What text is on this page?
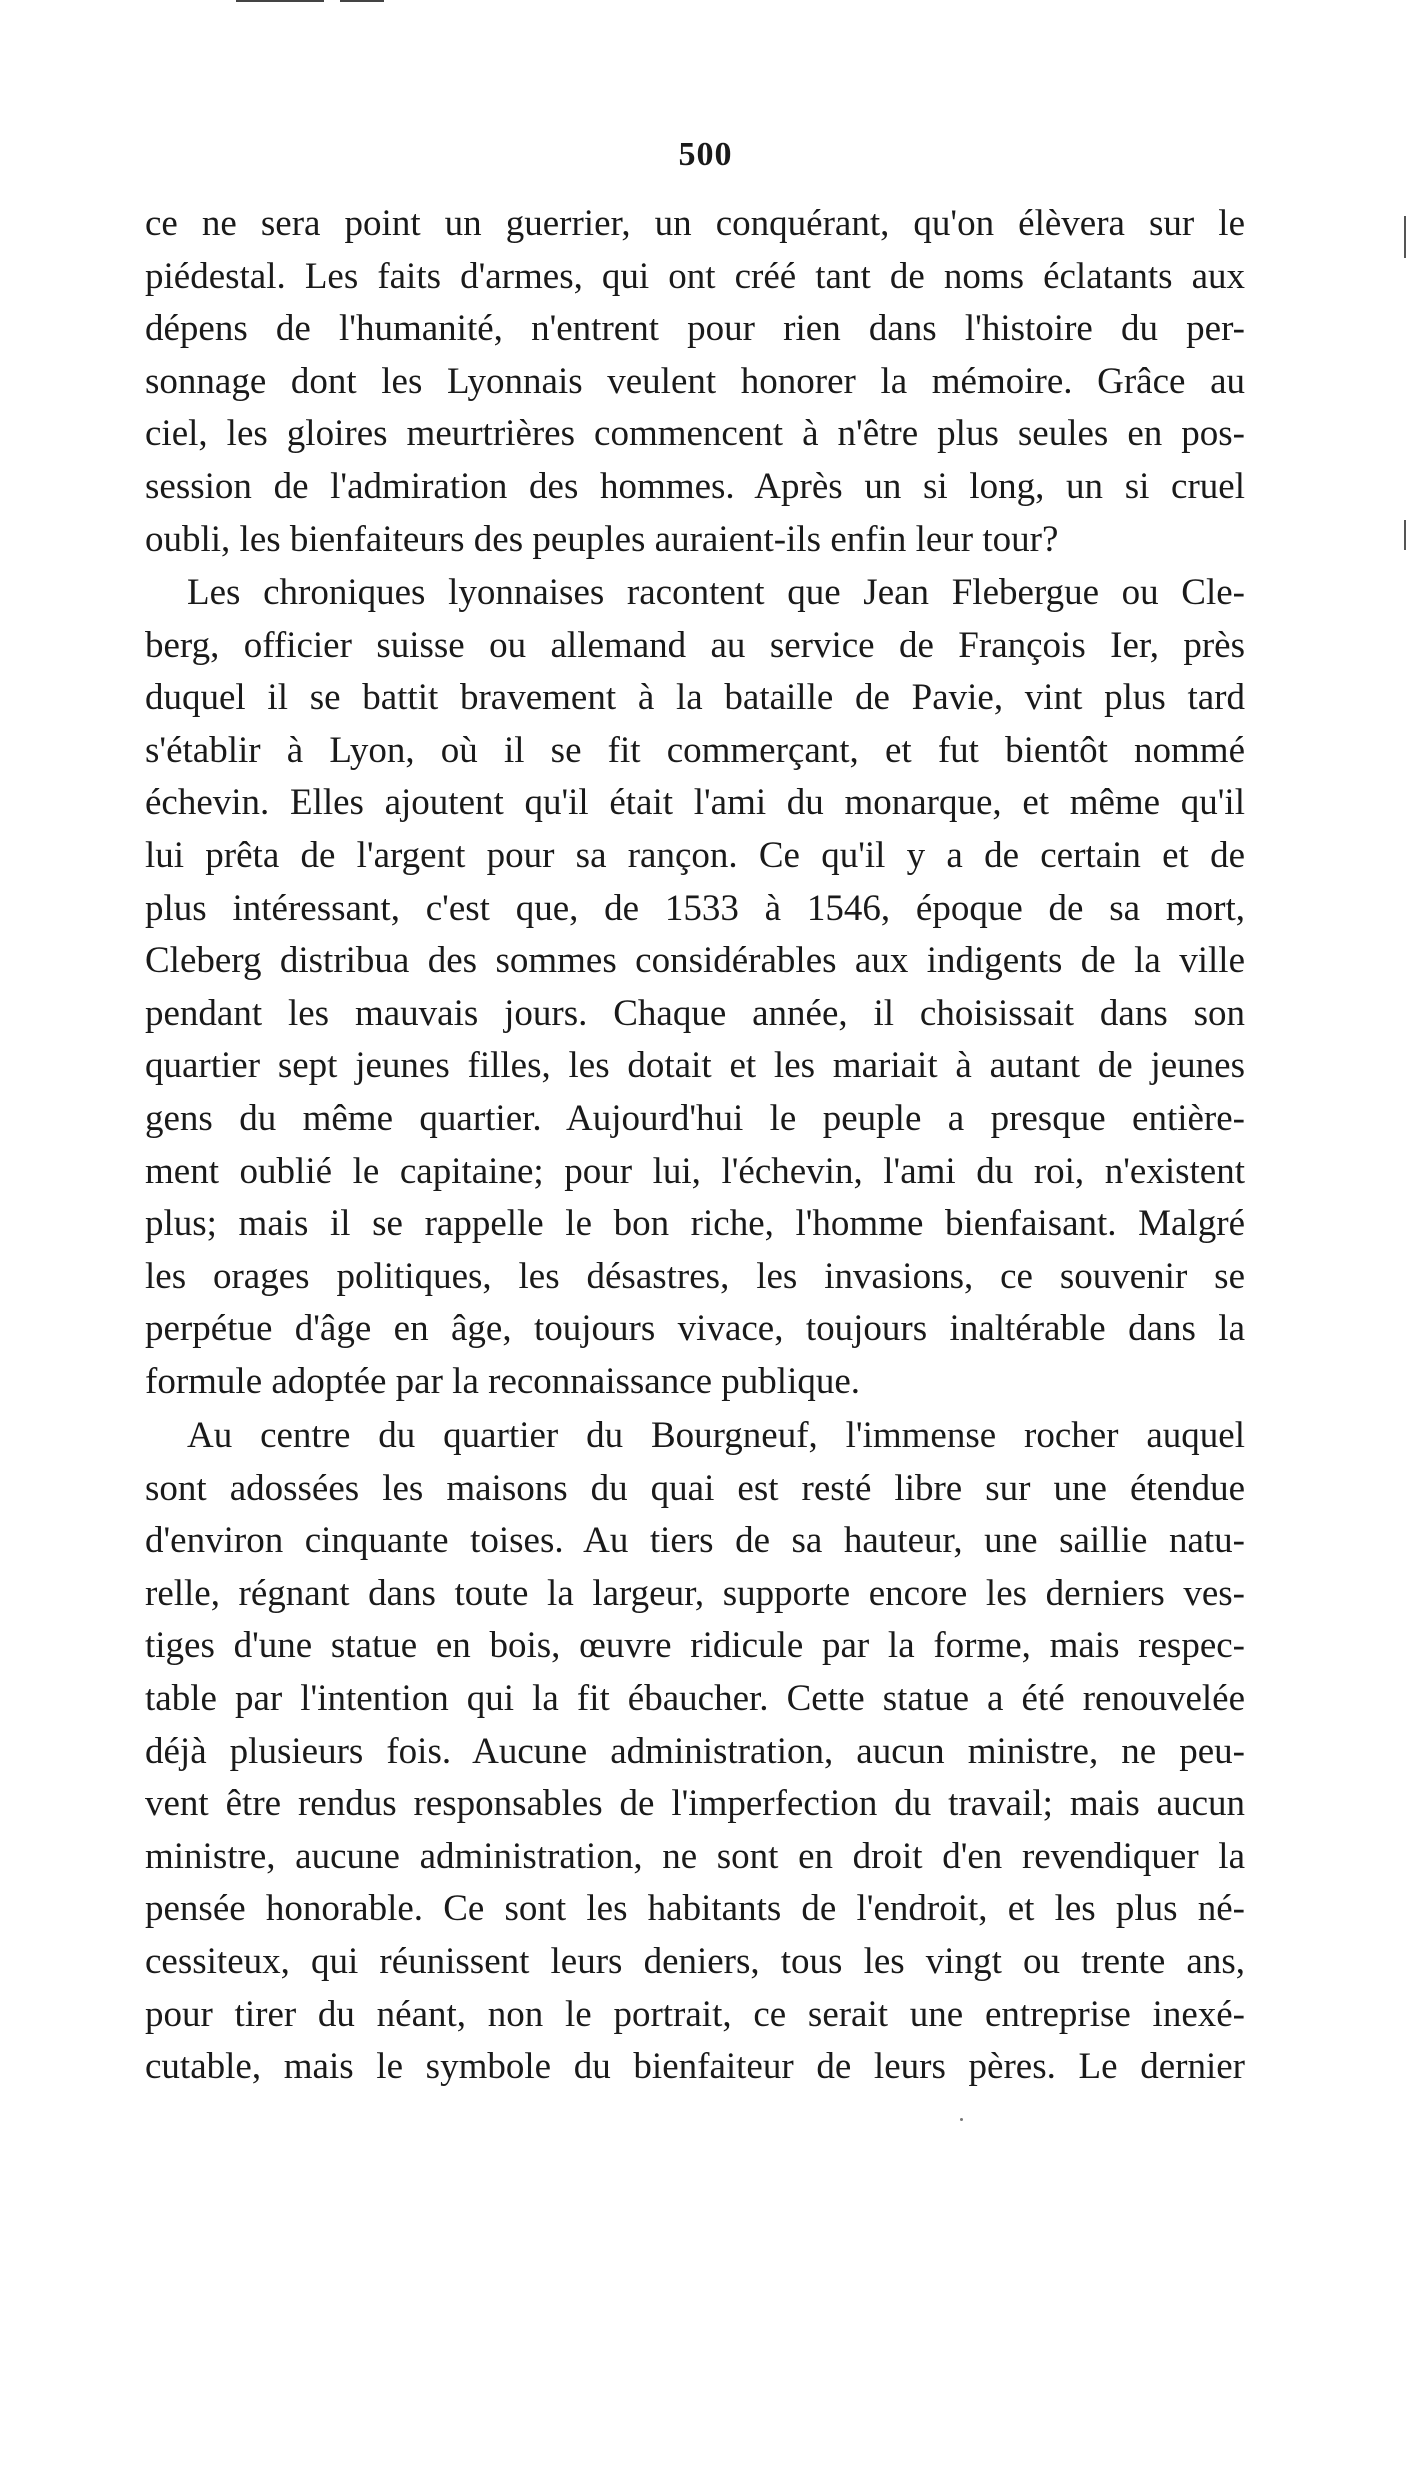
500
ce ne sera point un guerrier, un conquérant, qu'on élèvera sur le
piédestal. Les faits d'armes, qui ont créé tant de noms éclatants aux
dépens de l'humanité, n'entrent pour rien dans l'histoire du per-
sonnage dont les Lyonnais veulent honorer la mémoire. Grâce au
ciel, les gloires meurtrières commencent à n'être plus seules en pos-
session de l'admiration des hommes. Après un si long, un si cruel
oubli, les bienfaiteurs des peuples auraient-ils enfin leur tour?
Les chroniques lyonnaises racontent que Jean Flebergue ou Cle-
berg, officier suisse ou allemand au service de François Ier, près
duquel il se battit bravement à la bataille de Pavie, vint plus tard
s'établir à Lyon, où il se fit commerçant, et fut bientôt nommé
échevin. Elles ajoutent qu'il était l'ami du monarque, et même qu'il
lui prêta de l'argent pour sa rançon. Ce qu'il y a de certain et de
plus intéressant, c'est que, de 1533 à 1546, époque de sa mort,
Cleberg distribua des sommes considérables aux indigents de la ville
pendant les mauvais jours. Chaque année, il choisissait dans son
quartier sept jeunes filles, les dotait et les mariait à autant de jeunes
gens du même quartier. Aujourd'hui le peuple a presque entière-
ment oublié le capitaine; pour lui, l'échevin, l'ami du roi, n'existent
plus; mais il se rappelle le bon riche, l'homme bienfaisant. Malgré
les orages politiques, les désastres, les invasions, ce souvenir se
perpétue d'âge en âge, toujours vivace, toujours inaltérable dans la
formule adoptée par la reconnaissance publique.
Au centre du quartier du Bourgneuf, l'immense rocher auquel
sont adossées les maisons du quai est resté libre sur une étendue
d'environ cinquante toises. Au tiers de sa hauteur, une saillie natu-
relle, régnant dans toute la largeur, supporte encore les derniers ves-
tiges d'une statue en bois, œuvre ridicule par la forme, mais respec-
table par l'intention qui la fit ébaucher. Cette statue a été renouvelée
déjà plusieurs fois. Aucune administration, aucun ministre, ne peu-
vent être rendus responsables de l'imperfection du travail; mais aucun
ministre, aucune administration, ne sont en droit d'en revendiquer la
pensée honorable. Ce sont les habitants de l'endroit, et les plus né-
cessiteux, qui réunissent leurs deniers, tous les vingt ou trente ans,
pour tirer du néant, non le portrait, ce serait une entreprise inexé-
cutable, mais le symbole du bienfaiteur de leurs pères. Le dernier
